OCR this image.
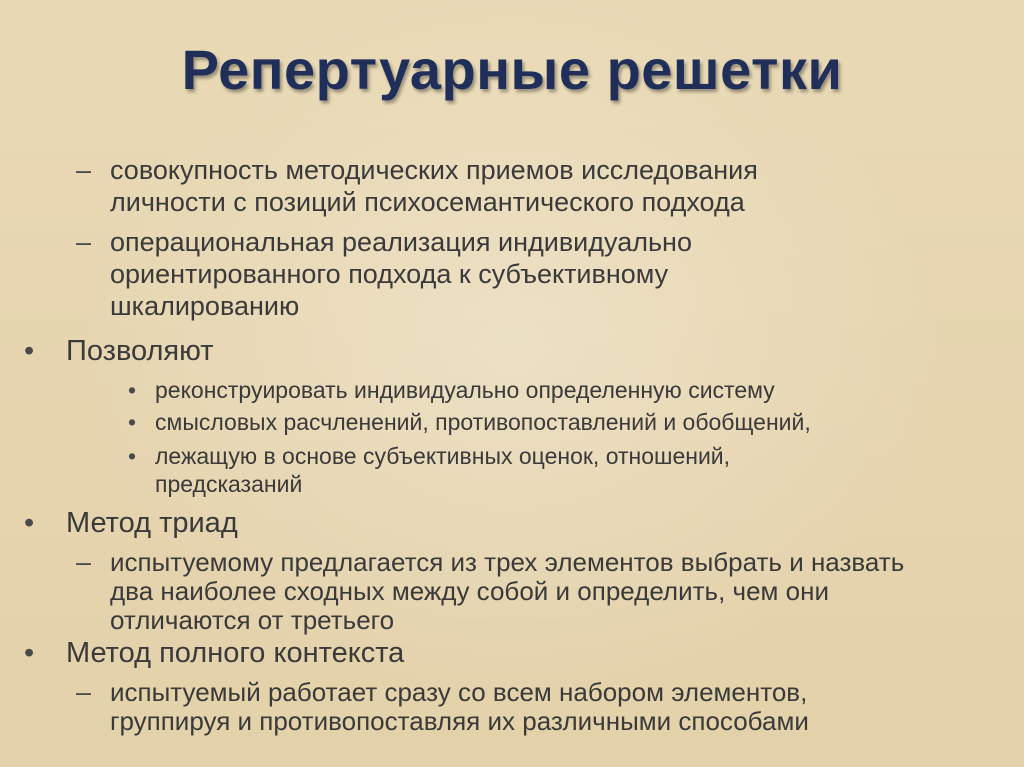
Репертуарные решетки
– совокупность методических приемов исследования
личности с позиций психосемантического подхода
– операциональная реализация индивидуально
ориентированного подхода к субъективному
шкалированию
• Позволяют
• реконструировать индивидуально определенную систему
• смысловых расчленений, противопоставлений и обобщений,
• лежащую в основе субъективных оценок, отношений,
предсказаний
• Метод триад
– испытуемому предлагается из трех элементов выбрать и назвать
два наиболее сходных между собой и определить, чем они
отличаются от третьего
• Метод полного контекста
– испытуемый работает сразу со всем набором элементов,
группируя и противопоставляя их различными способами
